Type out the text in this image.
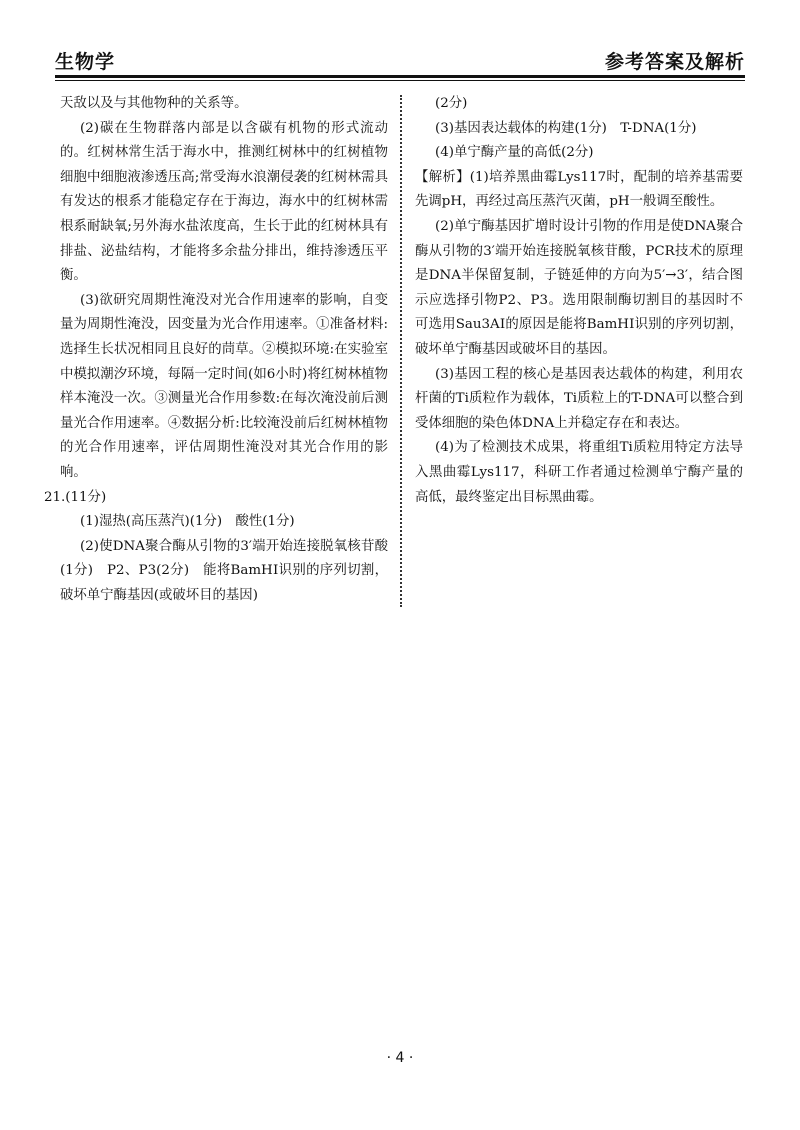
生物学	参考答案及解析

天敌以及与其他物种的关系等。

(2)碳在生物群落内部是以含碳有机物的形式流动的。红树林常生活于海水中，推测红树林中的红树植物细胞中细胞液渗透压高;常受海水浪潮侵袭的红树林需具有发达的根系才能稳定存在于海边，海水中的红树林需根系耐缺氧;另外海水盐浓度高，生长于此的红树林具有排盐、泌盐结构，才能将多余盐分排出，维持渗透压平衡。

(3)欲研究周期性淹没对光合作用速率的影响，自变量为周期性淹没，因变量为光合作用速率。①准备材料:选择生长状况相同且良好的茼草。②模拟环境:在实验室中模拟潮汐环境，每隔一定时间(如6小时)将红树林植物样本淹没一次。③测量光合作用参数:在每次淹没前后测量光合作用速率。④数据分析:比较淹没前后红树林植物的光合作用速率，评估周期性淹没对其光合作用的影响。

21.(11分)

(1)湿热(高压蒸汽)(1分)　酸性(1分)

(2)使DNA聚合酶从引物的3′端开始连接脱氧核苷酸(1分)　P2、P3(2分)　能将BamHⅠ识别的序列切割，破坏单宁酶基因(或破坏目的基因)

(2分)

(3)基因表达载体的构建(1分)　T-DNA(1分)

(4)单宁酶产量的高低(2分)

【解析】(1)培养黑曲霉Lys117时，配制的培养基需要先调pH，再经过高压蒸汽灭菌，pH一般调至酸性。

(2)单宁酶基因扩增时设计引物的作用是使DNA聚合酶从引物的3′端开始连接脱氧核苷酸，PCR技术的原理是DNA半保留复制，子链延伸的方向为5′→3′，结合图示应选择引物P2、P3。选用限制酶切割目的基因时不可选用Sau3AⅠ的原因是能将BamHⅠ识别的序列切割，破坏单宁酶基因或破坏目的基因。

(3)基因工程的核心是基因表达载体的构建，利用农杆菌的Ti质粒作为载体，Ti质粒上的T-DNA可以整合到受体细胞的染色体DNA上并稳定存在和表达。

(4)为了检测技术成果，将重组Ti质粒用特定方法导入黑曲霉Lys117，科研工作者通过检测单宁酶产量的高低，最终鉴定出目标黑曲霉。

· 4 ·
